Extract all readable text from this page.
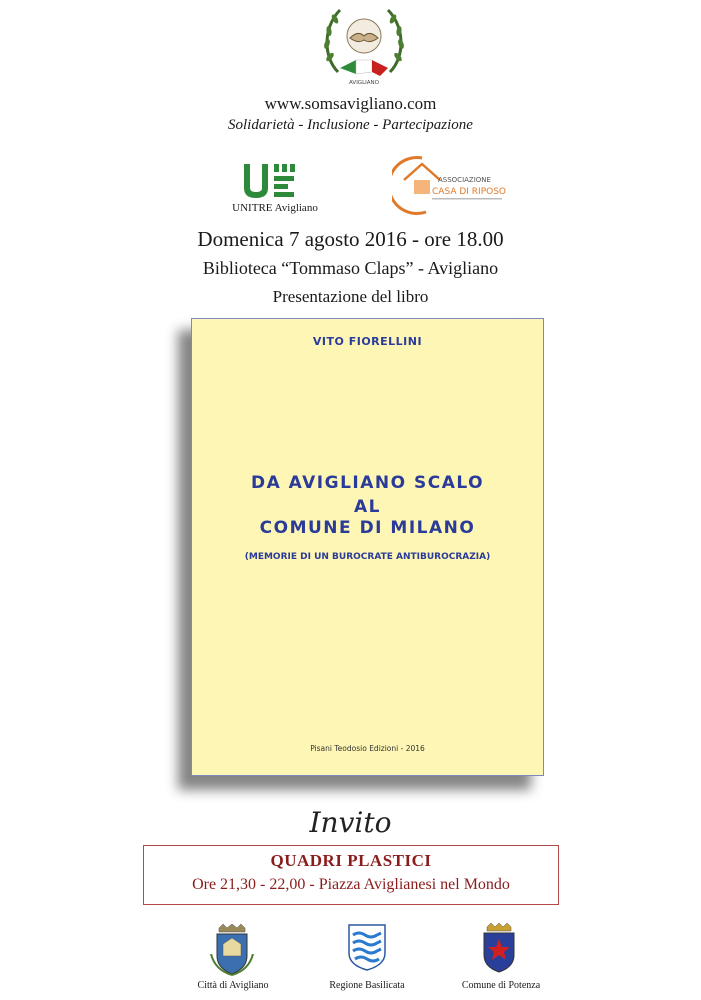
AVIGLIANO
www.somsavigliano.com
Solidarietà - Inclusione - Partecipazione
UNITRE Avigliano
ASSOCIAZIONE
CASA DI RIPOSO
Domenica 7 agosto 2016 - ore 18.00
Biblioteca “Tommaso Claps” - Avigliano
Presentazione del libro
VITO FIORELLINI
DA AVIGLIANO SCALO
AL
COMUNE DI MILANO
(MEMORIE DI UN BUROCRATE ANTIBUROCRAZIA)
Pisani Teodosio Edizioni - 2016
Invito
QUADRI PLASTICI
Ore 21,30 - 22,00 - Piazza Aviglianesi nel Mondo
Città di Avigliano	Regione Basilicata	Comune di Potenza
